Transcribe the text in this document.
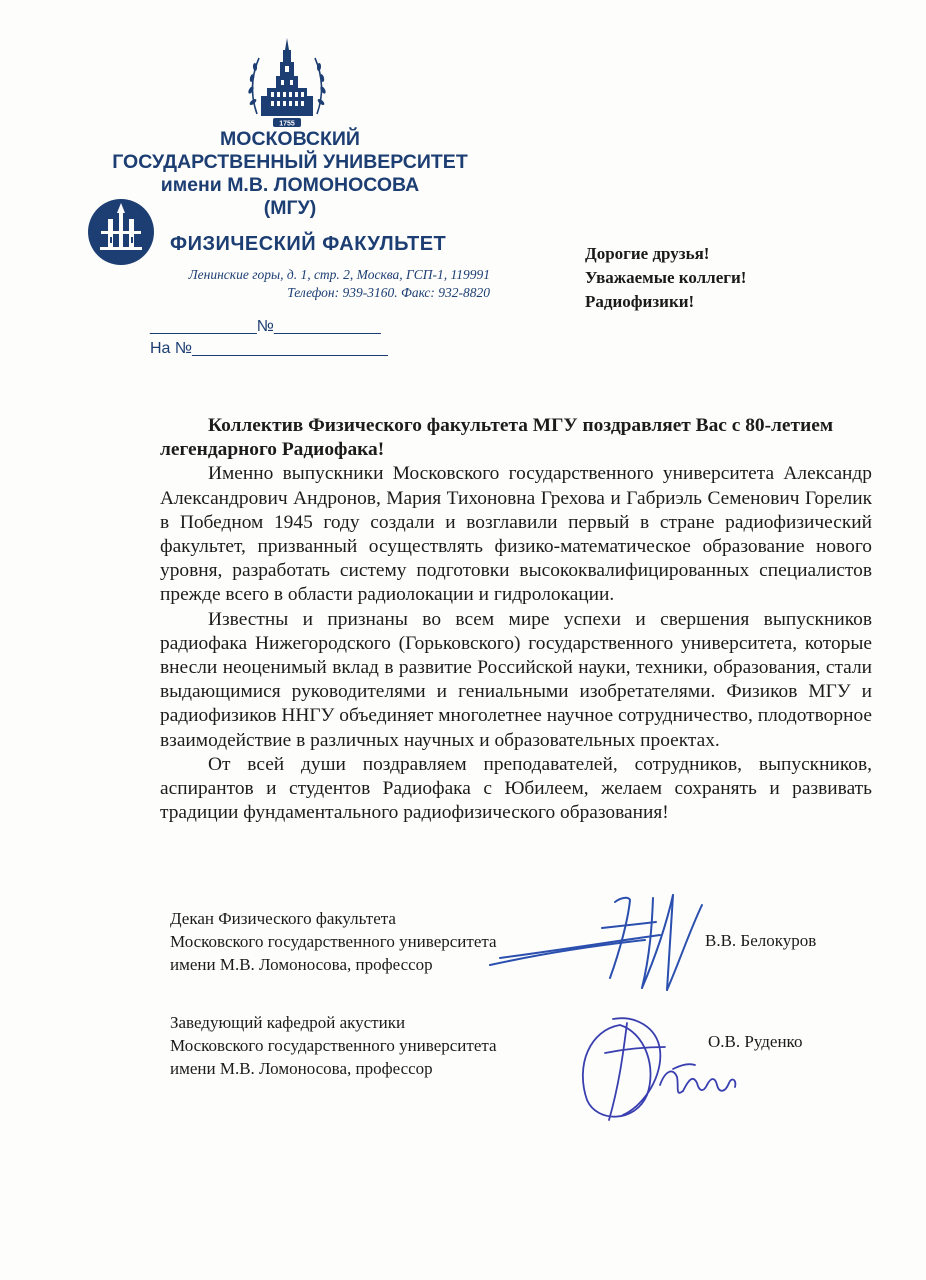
1755
МОСКОВСКИЙ
ГОСУДАРСТВЕННЫЙ УНИВЕРСИТЕТ
имени М.В. ЛОМОНОСОВА
(МГУ)
ФИЗИЧЕСКИЙ ФАКУЛЬТЕТ
Ленинские горы, д. 1, стр. 2, Москва, ГСП-1, 119991
Телефон: 939-3160. Факс: 932-8820
____________№____________
На №______________________
Дорогие друзья!
Уважаемые коллеги!
Радиофизики!

Коллектив Физического факультета МГУ поздравляет Вас с 80-летием легендарного Радиофака!

Именно выпускники Московского государственного университета Александр Александрович Андронов, Мария Тихоновна Грехова и Габриэль Семенович Горелик в Победном 1945 году создали и возглавили первый в стране радиофизический факультет, призванный осуществлять физико-математическое образование нового уровня, разработать систему подготовки высококвалифицированных специалистов прежде всего в области радиолокации и гидролокации.

Известны и признаны во всем мире успехи и свершения выпускников радиофака Нижегородского (Горьковского) государственного университета, которые внесли неоценимый вклад в развитие Российской науки, техники, образования, стали выдающимися руководителями и гениальными изобретателями. Физиков МГУ и радиофизиков ННГУ объединяет многолетнее научное сотрудничество, плодотворное взаимодействие в различных научных и образовательных проектах.

От всей души поздравляем преподавателей, сотрудников, выпускников, аспирантов и студентов Радиофака с Юбилеем, желаем сохранять и развивать традиции фундаментального радиофизического образования!

Декан Физического факультета
Московского государственного университета
имени М.В. Ломоносова, профессор
В.В. Белокуров
Заведующий кафедрой акустики
Московского государственного университета
имени М.В. Ломоносова, профессор
О.В. Руденко
